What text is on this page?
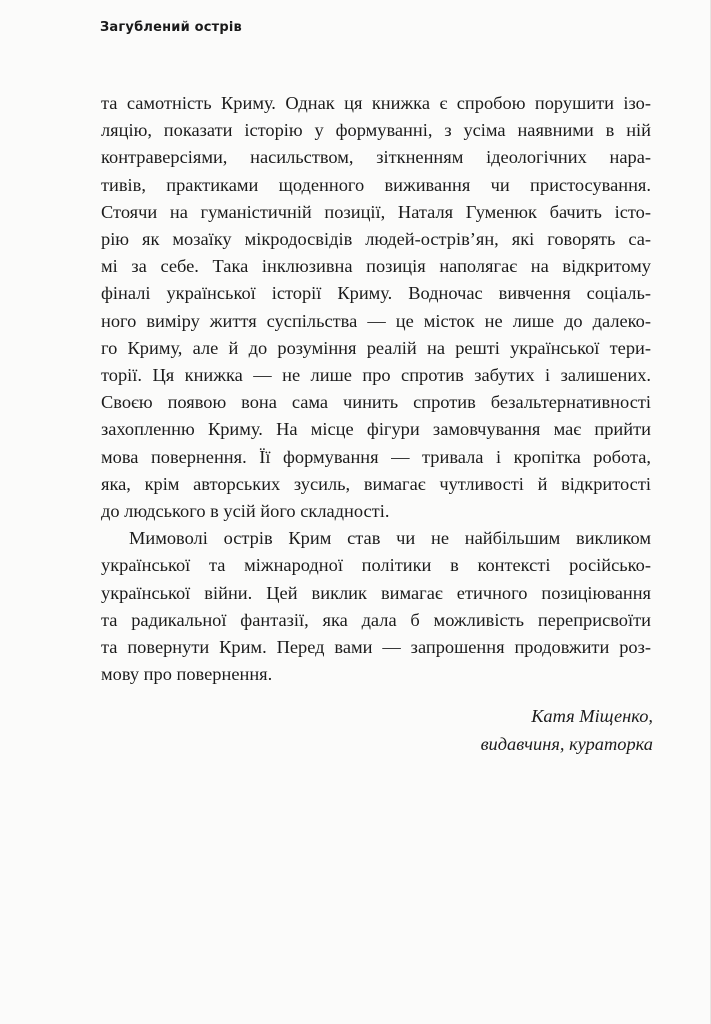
Загублений острів
та самотність Криму. Однак ця книжка є спробою порушити ізо-
ляцію, показати історію у формуванні, з усіма наявними в ній
контраверсіями, насильством, зіткненням ідеологічних нара-
тивів, практиками щоденного виживання чи пристосування.
Стоячи на гуманістичній позиції, Наталя Гуменюк бачить істо-
рію як мозаїку мікродосвідів людей-острів’ян, які говорять са-
мі за себе. Така інклюзивна позиція наполягає на відкритому
фіналі української історії Криму. Водночас вивчення соціаль-
ного виміру життя суспільства — це місток не лише до далеко-
го Криму, але й до розуміння реалій на решті української тери-
торії. Ця книжка — не лише про спротив забутих і залишених.
Своєю появою вона сама чинить спротив безальтернативності
захопленню Криму. На місце фігури замовчування має прийти
мова повернення. Її формування — тривала і кропітка робота,
яка, крім авторських зусиль, вимагає чутливості й відкритості
до людського в усій його складності.
Мимоволі острів Крим став чи не найбільшим викликом
української та міжнародної політики в контексті російсько-
української війни. Цей виклик вимагає етичного позиціювання
та радикальної фантазії, яка дала б можливість переприсвоїти
та повернути Крим. Перед вами — запрошення продовжити роз-
мову про повернення.
Катя Міщенко,
видавчиня, кураторка
